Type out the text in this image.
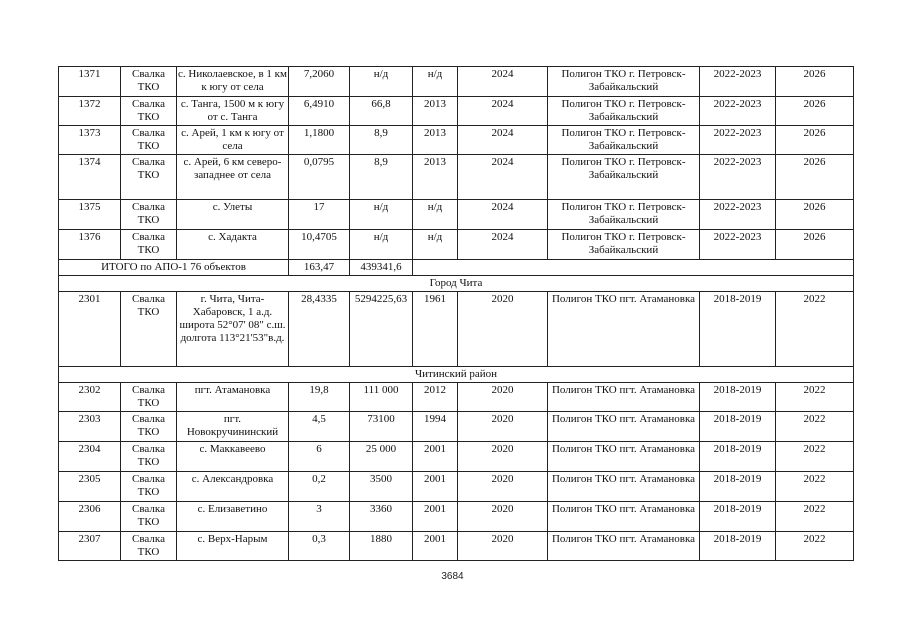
1371	Свалка ТКО	с. Николаевское, в 1 км к югу от села	7,2060	н/д	н/д	2024	Полигон ТКО г. Петровск-Забайкальский	2022-2023	2026
1372	Свалка ТКО	с. Танга, 1500 м к югу от с. Танга	6,4910	66,8	2013	2024	Полигон ТКО г. Петровск-Забайкальский	2022-2023	2026
1373	Свалка ТКО	с. Арей, 1 км к югу от села	1,1800	8,9	2013	2024	Полигон ТКО г. Петровск-Забайкальский	2022-2023	2026
1374	Свалка ТКО	с. Арей, 6 км северо-западнее от села	0,0795	8,9	2013	2024	Полигон ТКО г. Петровск-Забайкальский	2022-2023	2026
1375	Свалка ТКО	с. Улеты	17	н/д	н/д	2024	Полигон ТКО г. Петровск-Забайкальский	2022-2023	2026
1376	Свалка ТКО	с. Хадакта	10,4705	н/д	н/д	2024	Полигон ТКО г. Петровск-Забайкальский	2022-2023	2026
ИТОГО по АПО-1 76 объектов			163,47	439341,6					
Город Чита									
2301	Свалка ТКО	г. Чита, Чита-Хабаровск, 1 а.д. широта 52°07' 08" с.ш. долгота 113°21'53"в.д.	28,4335	5294225,63	1961	2020	Полигон ТКО пгт. Атамановка	2018-2019	2022
Читинский район									
2302	Свалка ТКО	пгт. Атамановка	19,8	111 000	2012	2020	Полигон ТКО пгт. Атамановка	2018-2019	2022
2303	Свалка ТКО	пгт. Новокручининский	4,5	73100	1994	2020	Полигон ТКО пгт. Атамановка	2018-2019	2022
2304	Свалка ТКО	с. Маккавеево	6	25 000	2001	2020	Полигон ТКО пгт. Атамановка	2018-2019	2022
2305	Свалка ТКО	с. Александровка	0,2	3500	2001	2020	Полигон ТКО пгт. Атамановка	2018-2019	2022
2306	Свалка ТКО	с. Елизаветино	3	3360	2001	2020	Полигон ТКО пгт. Атамановка	2018-2019	2022
2307	Свалка ТКО	с. Верх-Нарым	0,3	1880	2001	2020	Полигон ТКО пгт. Атамановка	2018-2019	2022
3684
